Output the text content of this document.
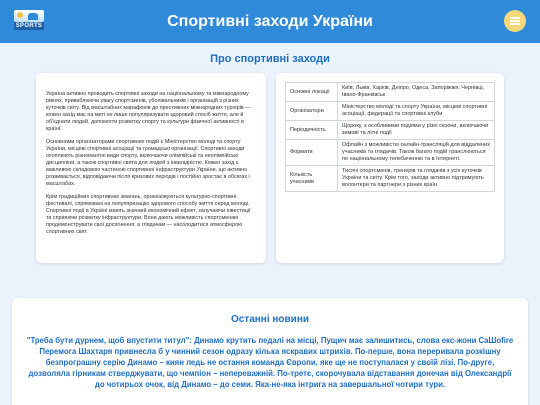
SPORTS	Спортивні заходи України
Про спортивні заходи

Україна активно проводить спортивні заходи на національному та міжнародному рівнях, приваблюючи увагу спортсменів, уболівальників і організацій з різних куточків світу. Від масштабних марафонів до престижних міжнародних турнірів — кожен захід має на меті не лише популяризувати здоровий спосіб життя, але й об'єднати людей, допомогти розвитку спорту та культури фізичної активності в країні.

Основними організаторами спортивних подій є Міністерство молоді та спорту України, місцеві спортивні асоціації та громадські організації. Спортивні заходи охоплюють різноманітні види спорту, включаючи олімпійські та неолімпійські дисципліни, а також спортивні свята для людей з інвалідністю. Кожен захід є важливою складовою частиною спортивної інфраструктури України, що активно розвивається, відповідаючи після кризових періодів і постійно зростає в обсягах і масштабах.

Крім традиційних спортивних змагань, організовуються культурно-спортивні фестивалі, спрямовані на популяризацію здорового способу життя серед молоді. Спортивні події в Україні мають значний економічний ефект, залучаючи інвестиції та сприяючи розвитку інфраструктури. Вони дають можливість спортсменам продемонструвати свої досягнення, а глядачам — насолодитися атмосферою спортивних свят.

Основні локації	Київ, Львів, Харків, Дніпро, Одеса, Запоріжжя, Чернівці, Івано-Франківськ
Організатори	Міністерство молоді та спорту України, місцеві спортивні асоціації, федерації та спортивні клуби
Періодичність	Щороку, з особливими подіями у різні сезони, включаючи зимові та літні події
Формати	Офлайн з можливістю онлайн-трансляцій для віддалених учасників та глядачів. Також багато подій транслюються по національному телебаченню та в Інтернеті.
Кількість учасників	Тисячі спортсменів, тренерів та глядачів з усіх куточків України та світу. Крім того, заходи активно підтримують волонтери та партнери з різних країн.
Останні новини
"Треба бути дурнем, щоб впустити титул": Динамо крутить педалі на місці, Пущич має залишитись, слова екс-жони CaШofire Перемога Шахтаря привнесла б у чинний сезон одразу кілька яскравих штрихів. По-перше, вона переривала розкішну безпрограшну серію Динамо – киян ледь не остання команда Європи, яке ще не поступалася у своїй лізі. По-друге, дозволяла гірникам стверджувати, що чемпіон – непереважній. По-третє, скорочувала відставання донечан від Олександрії до чотирьох очок, від Динамо – до семи. Яка-не-яка інтрига на завершальної чотири тури.
